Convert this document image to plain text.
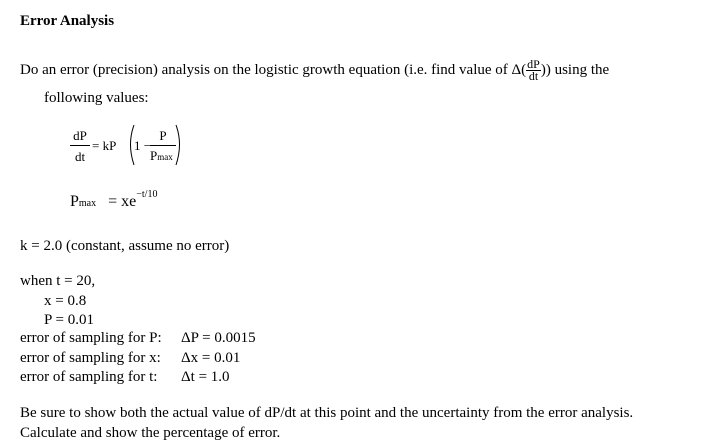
Error Analysis
Do an error (precision) analysis on the logistic growth equation (i.e. find value of $\Delta( \frac{dP}{dt}$ )) using the
following values:
dP
dt
= kP 1 −
P
Pmax
$Pmax = xe^{-t/10}$
k = 2.0 (constant, assume no error)
when t = 20,
x = 0.8
P = 0.01
error of sampling for P: ΔP = 0.0015
error of sampling for x: Δx = 0.01
error of sampling for t: Δt = 1.0
Be sure to show both the actual value of dP/dt at this point and the uncertainty from the error analysis.
Calculate and show the percentage of error.
